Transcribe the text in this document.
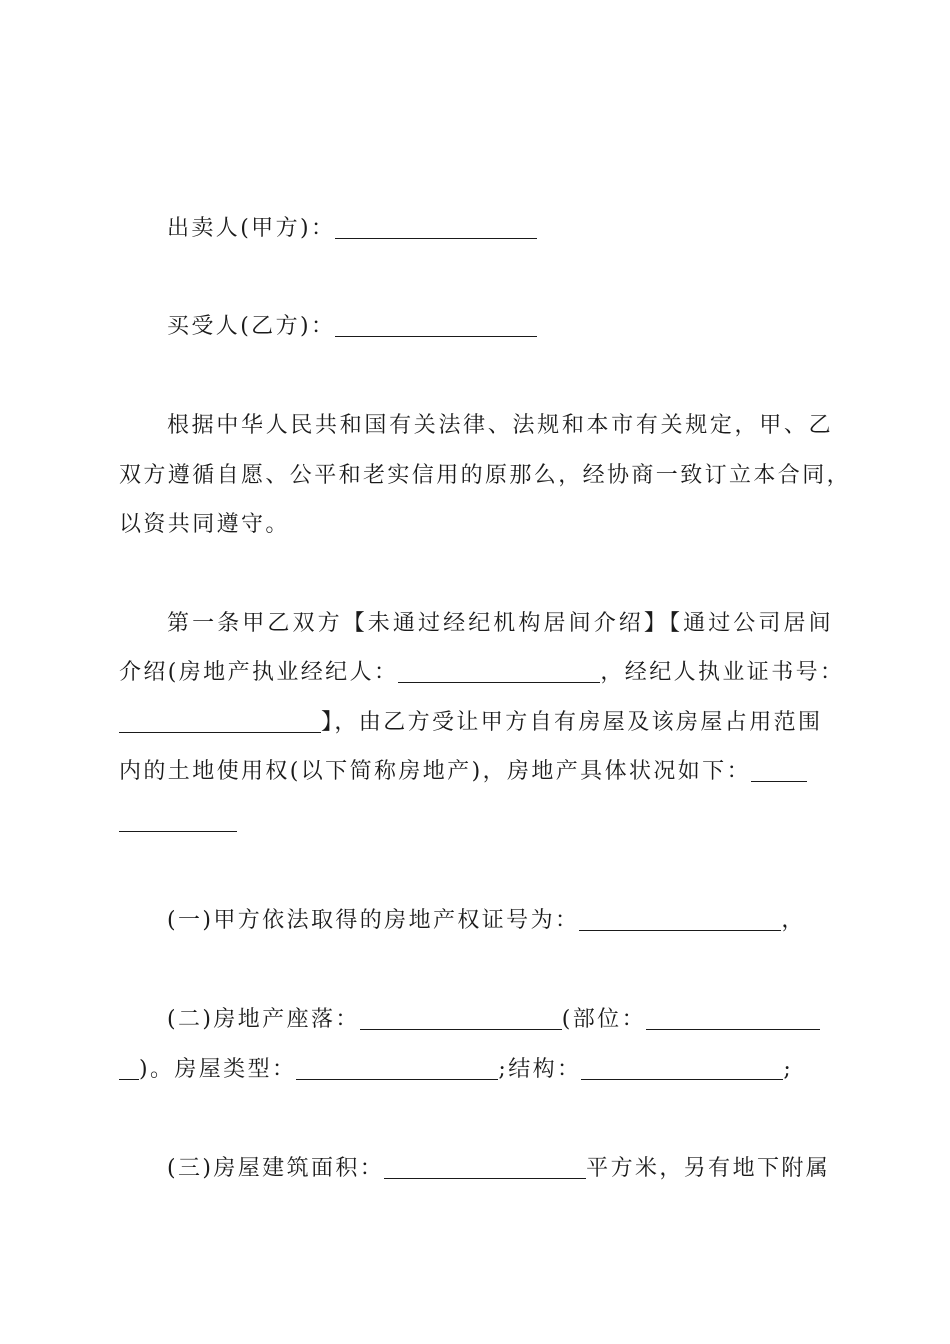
出卖人(甲方)：
买受人(乙方)：
根据中华人民共和国有关法律、法规和本市有关规定，甲、乙
双方遵循自愿、公平和老实信用的原那么，经协商一致订立本合同，
以资共同遵守。
第一条甲乙双方【未通过经纪机构居间介绍】【通过公司居间
介绍(房地产执业经纪人：	，经纪人执业证书号：
】，由乙方受让甲方自有房屋及该房屋占用范围
内的土地使用权(以下简称房地产)，房地产具体状况如下：
(一)甲方依法取得的房地产权证号为：	，
(二)房地产座落：	(部位：
)。房屋类型：	;结构：	;
(三)房屋建筑面积：	平方米，另有地下附属
